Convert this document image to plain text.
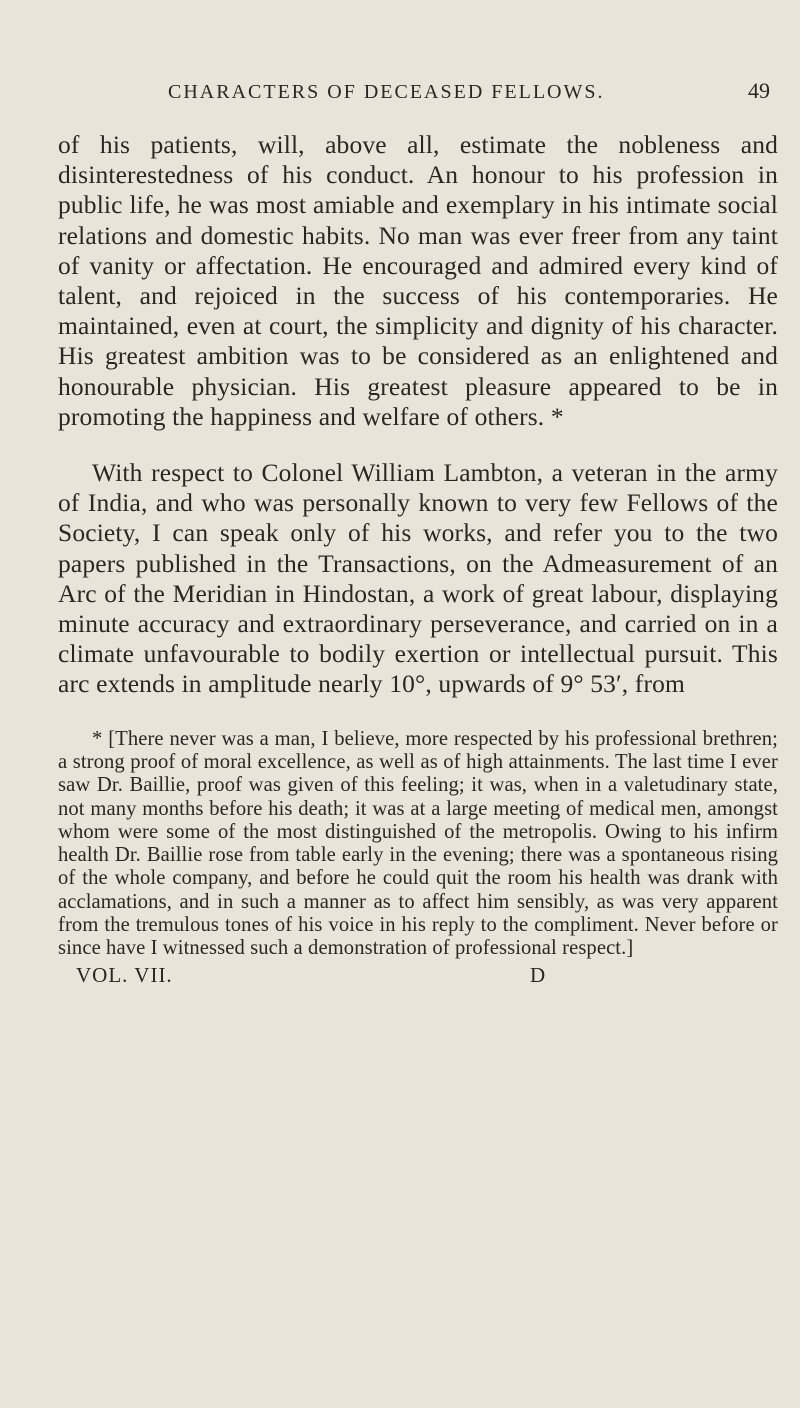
CHARACTERS OF DECEASED FELLOWS.	49

of his patients, will, above all, estimate the nobleness and disinterestedness of his conduct. An honour to his profession in public life, he was most amiable and exemplary in his intimate social relations and domestic habits. No man was ever freer from any taint of vanity or affectation. He encouraged and admired every kind of talent, and rejoiced in the success of his contemporaries. He maintained, even at court, the simplicity and dignity of his character. His greatest ambition was to be considered as an enlightened and honourable physician. His greatest pleasure appeared to be in promoting the happiness and welfare of others. *

With respect to Colonel William Lambton, a veteran in the army of India, and who was personally known to very few Fellows of the Society, I can speak only of his works, and refer you to the two papers published in the Transactions, on the Admeasurement of an Arc of the Meridian in Hindostan, a work of great labour, displaying minute accuracy and extraordinary perseverance, and carried on in a climate unfavourable to bodily exertion or intellectual pursuit. This arc extends in amplitude nearly 10°, upwards of 9° 53′, from

* [There never was a man, I believe, more respected by his professional brethren; a strong proof of moral excellence, as well as of high attainments. The last time I ever saw Dr. Baillie, proof was given of this feeling; it was, when in a valetudinary state, not many months before his death; it was at a large meeting of medical men, amongst whom were some of the most distinguished of the metropolis. Owing to his infirm health Dr. Baillie rose from table early in the evening; there was a spontaneous rising of the whole company, and before he could quit the room his health was drank with acclamations, and in such a manner as to affect him sensibly, as was very apparent from the tremulous tones of his voice in his reply to the compliment. Never before or since have I witnessed such a demonstration of professional respect.]
VOL. VII.	D
